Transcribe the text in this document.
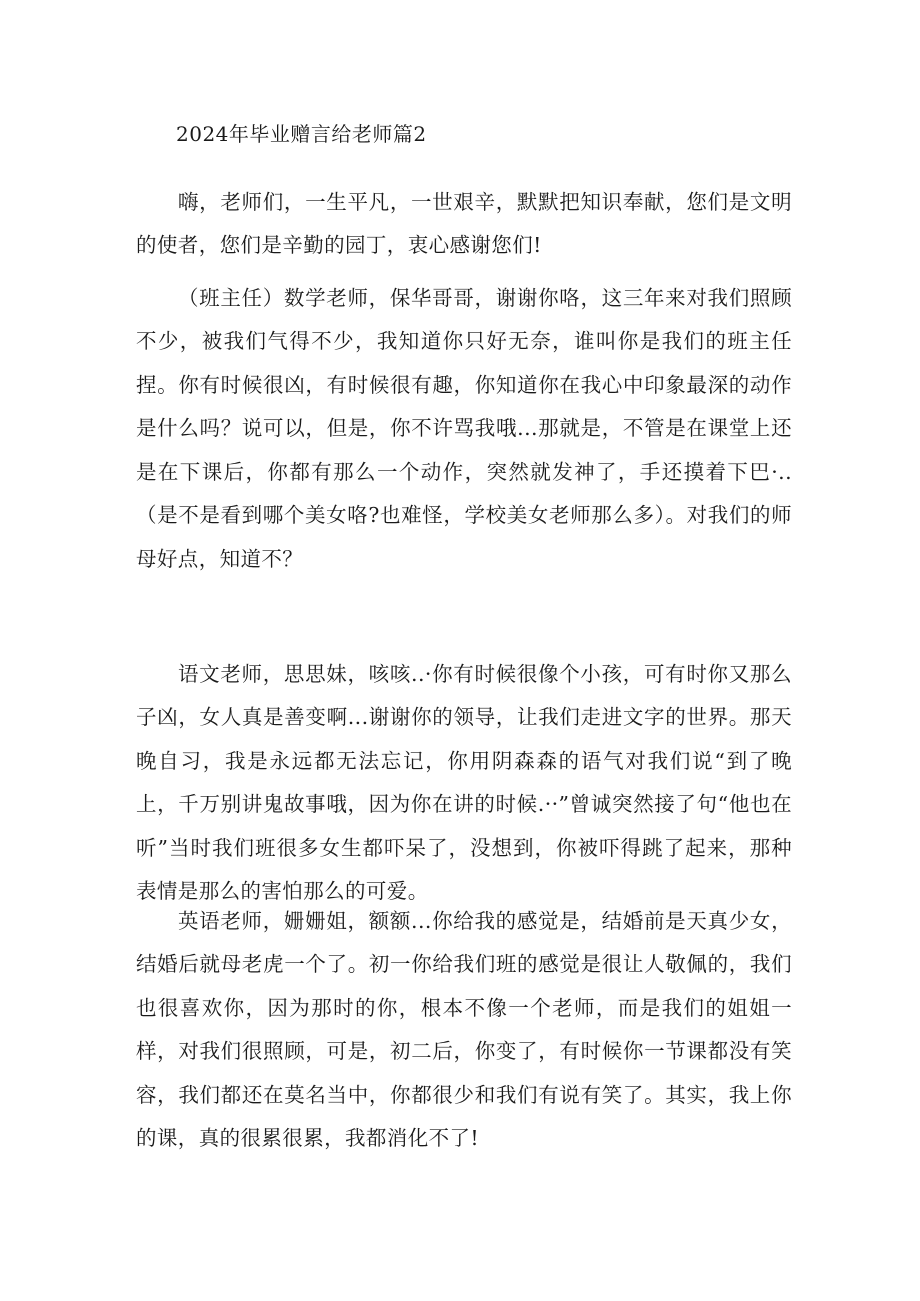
2024年毕业赠言给老师篇2

嗨，老师们，一生平凡，一世艰辛，默默把知识奉献，您们是文明的使者，您们是辛勤的园丁，衷心感谢您们!

（班主任）数学老师，保华哥哥，谢谢你咯，这三年来对我们照顾不少，被我们气得不少，我知道你只好无奈，谁叫你是我们的班主任捏。你有时候很凶，有时候很有趣，你知道你在我心中印象最深的动作是什么吗？说可以，但是，你不许骂我哦...那就是，不管是在课堂上还是在下课后，你都有那么一个动作，突然就发神了，手还摸着下巴·..（是不是看到哪个美女咯?也难怪，学校美女老师那么多）。对我们的师母好点，知道不？

语文老师，思思妹，咳咳..·你有时候很像个小孩，可有时你又那么子凶，女人真是善变啊...谢谢你的领导，让我们走进文字的世界。那天晚自习，我是永远都无法忘记，你用阴森森的语气对我们说“到了晚上，千万别讲鬼故事哦，因为你在讲的时候.··”曾诚突然接了句“他也在听”当时我们班很多女生都吓呆了，没想到，你被吓得跳了起来，那种表情是那么的害怕那么的可爱。

英语老师，姗姗姐，额额...你给我的感觉是，结婚前是天真少女，结婚后就母老虎一个了。初一你给我们班的感觉是很让人敬佩的，我们也很喜欢你，因为那时的你，根本不像一个老师，而是我们的姐姐一样，对我们很照顾，可是，初二后，你变了，有时候你一节课都没有笑容，我们都还在莫名当中，你都很少和我们有说有笑了。其实，我上你的课，真的很累很累，我都消化不了!
